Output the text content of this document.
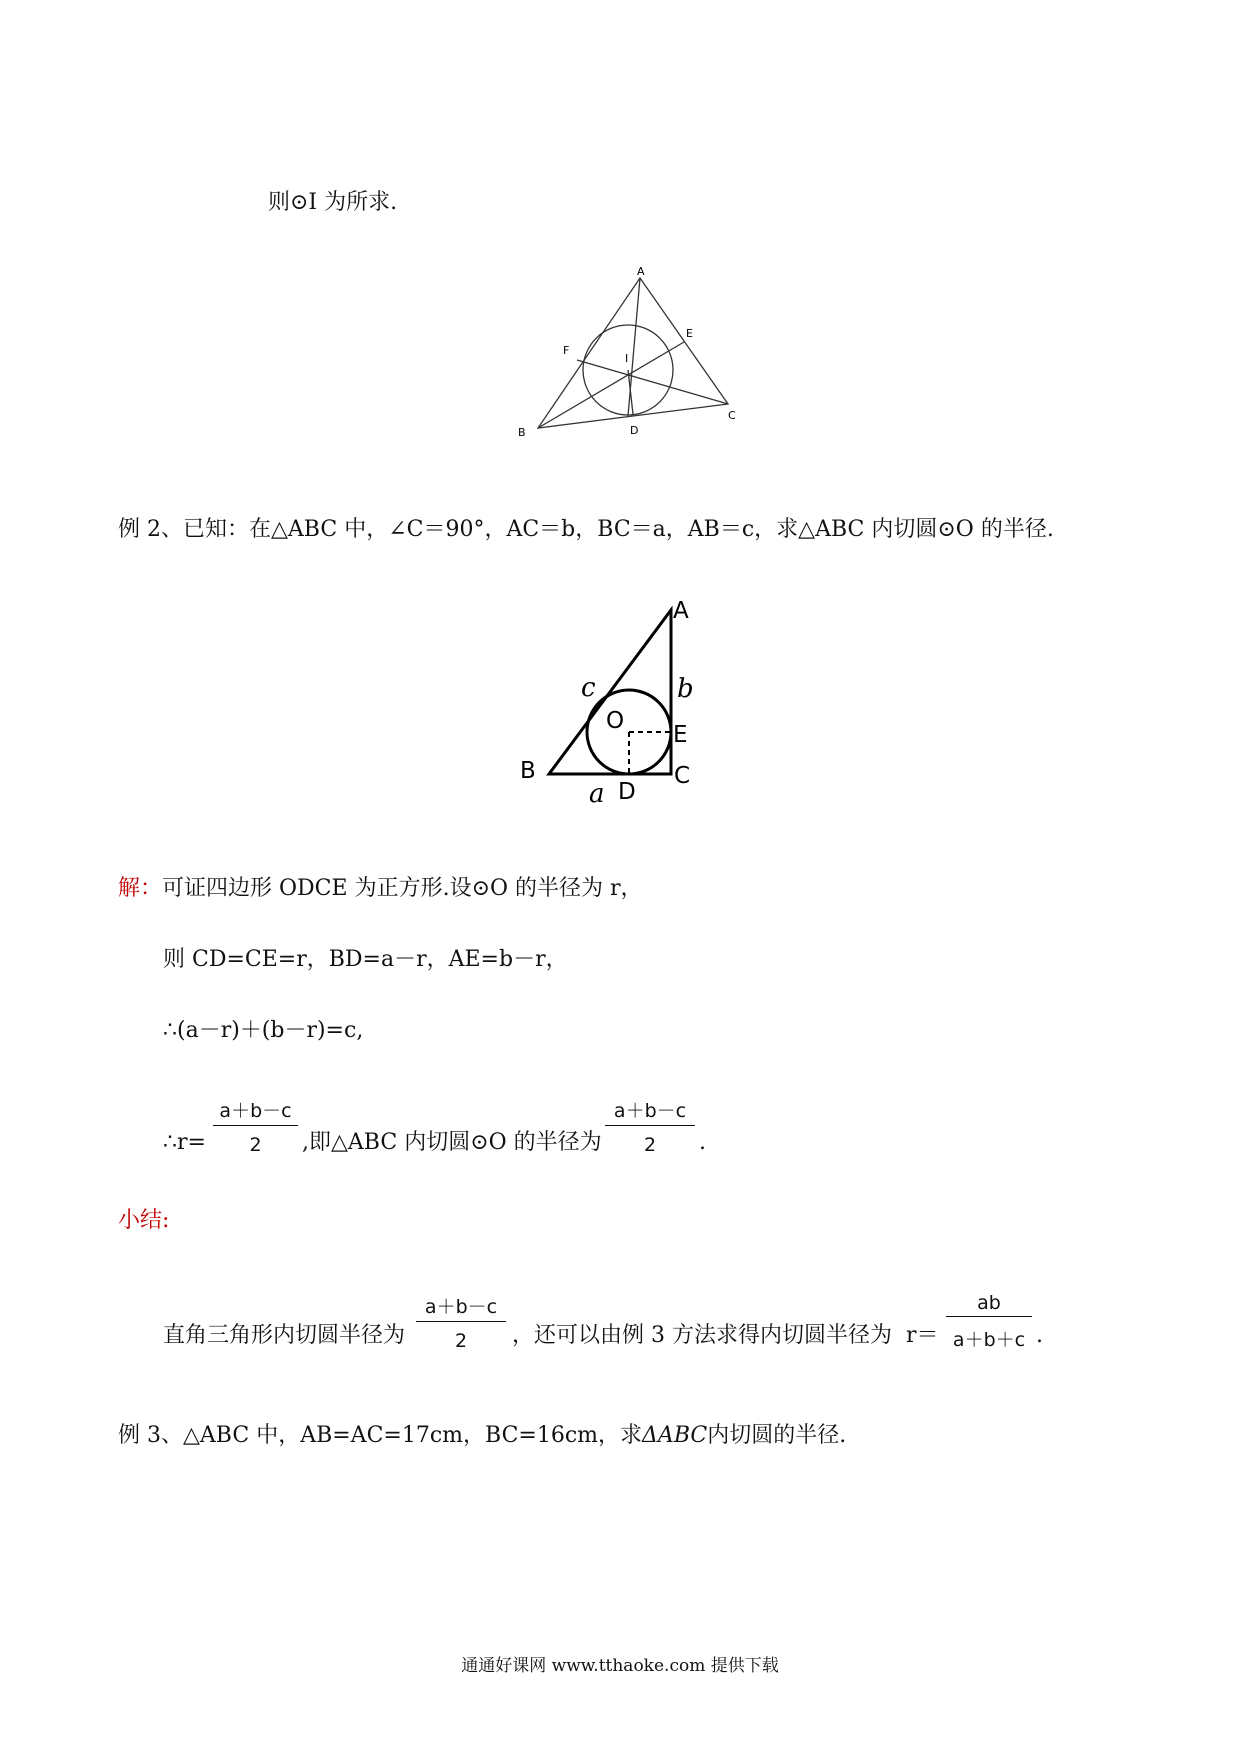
则⊙I 为所求.
A
B
C
D
E
F
I
例 2、已知：在△ABC 中，∠C＝90°，AC＝b，BC＝a，AB＝c，求△ABC 内切圆⊙O 的半径.
A
B	C
D
E
O
a
b
c
解：可证四边形 ODCE 为正方形.设⊙O 的半径为 r，
则 CD=CE=r，BD=a－r，AE=b－r，
∴(a－r)＋(b－r)=c,
∴r= $\frac{a+b-c}{2}$ ,即△ABC 内切圆⊙O 的半径为 $\frac{a+b-c}{2}$ .
小结:
直角三角形内切圆半径为 $\frac{a+b-c}{2}$ ，还可以由例 3 方法求得内切圆半径为 $r= \frac{ab}{a+b+c}$ .
例 3、△ABC 中，AB=AC=17cm，BC=16cm，求ΔABC内切圆的半径.
通通好课网 www.tthaoke.com 提供下载
